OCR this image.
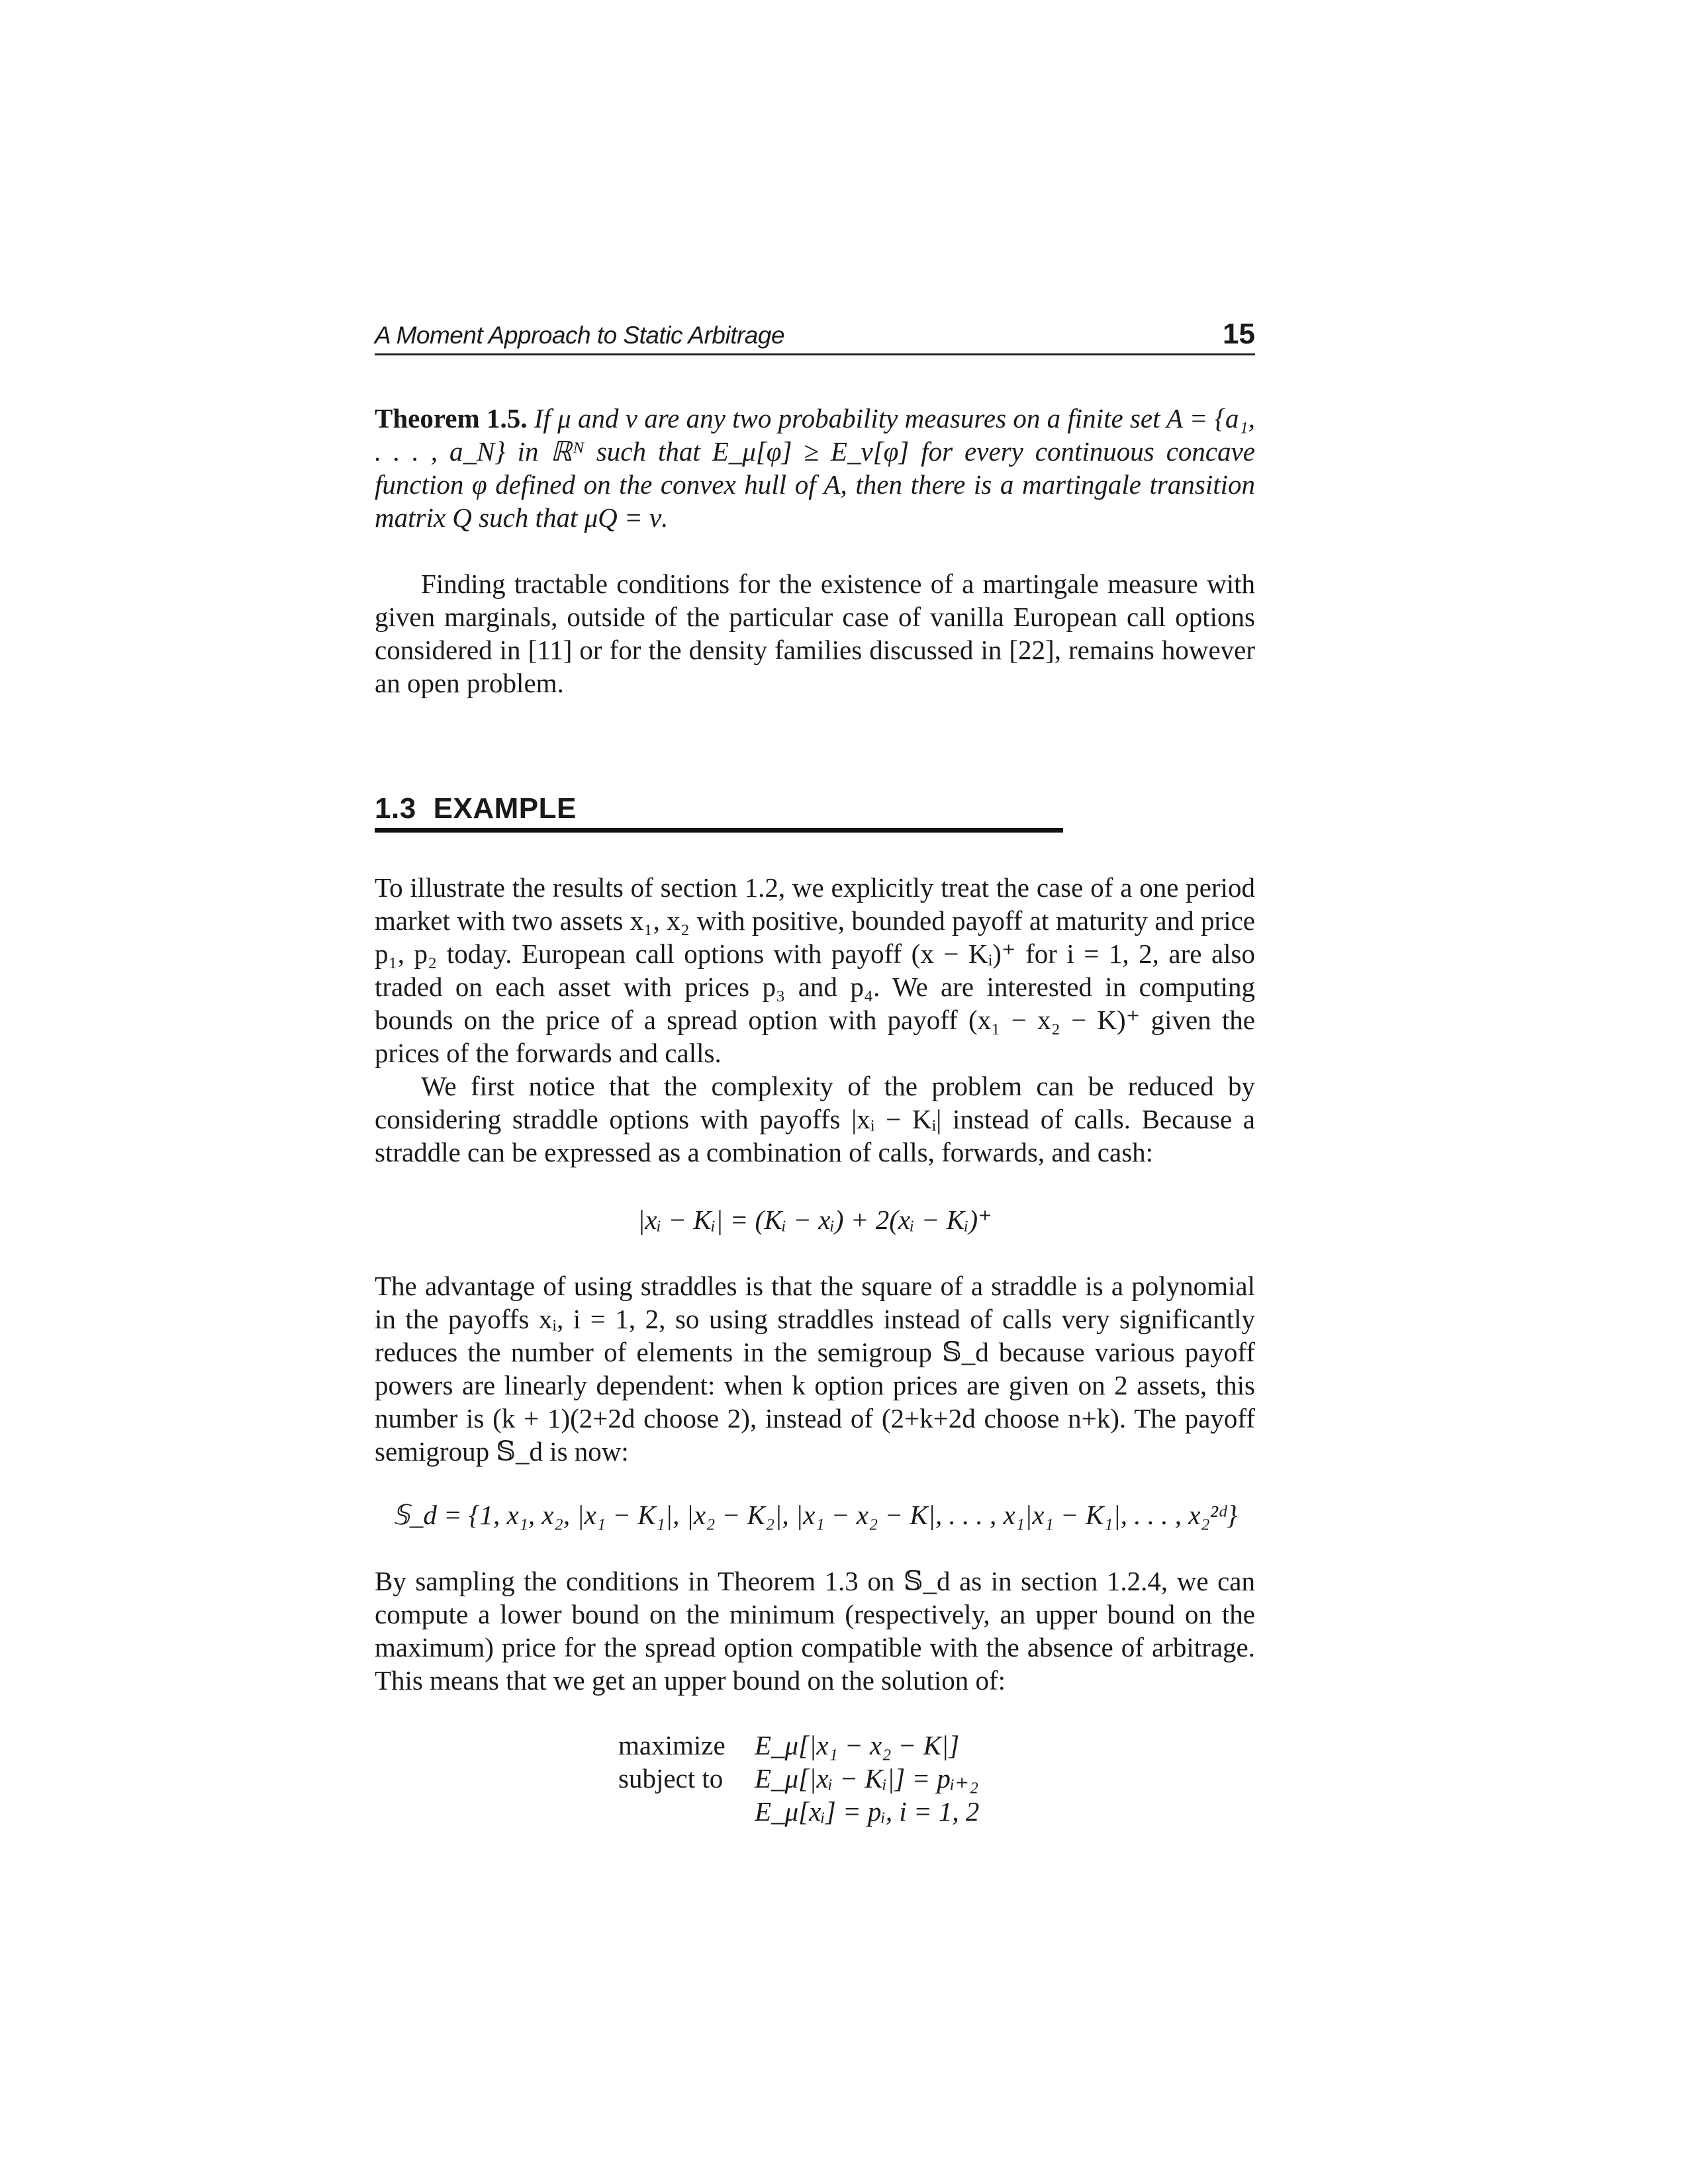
A Moment Approach to Static Arbitrage	15

Theorem 1.5. If μ and ν are any two probability measures on a finite set A = {a₁, . . . , a_N} in ℝᴺ such that E_μ[φ] ≥ E_ν[φ] for every continuous concave function φ defined on the convex hull of A, then there is a martingale transition matrix Q such that μQ = ν.

Finding tractable conditions for the existence of a martingale measure with given marginals, outside of the particular case of vanilla European call options considered in [11] or for the density families discussed in [22], remains however an open problem.

1.3 EXAMPLE

To illustrate the results of section 1.2, we explicitly treat the case of a one period market with two assets x₁, x₂ with positive, bounded payoff at maturity and price p₁, p₂ today. European call options with payoff (x − Kᵢ)⁺ for i = 1, 2, are also traded on each asset with prices p₃ and p₄. We are interested in computing bounds on the price of a spread option with payoff (x₁ − x₂ − K)⁺ given the prices of the forwards and calls.

We first notice that the complexity of the problem can be reduced by considering straddle options with payoffs |xᵢ − Kᵢ| instead of calls. Because a straddle can be expressed as a combination of calls, forwards, and cash:

|xᵢ − Kᵢ| = (Kᵢ − xᵢ) + 2(xᵢ − Kᵢ)⁺

The advantage of using straddles is that the square of a straddle is a polynomial in the payoffs xᵢ, i = 1, 2, so using straddles instead of calls very significantly reduces the number of elements in the semigroup 𝕊_d because various payoff powers are linearly dependent: when k option prices are given on 2 assets, this number is (k + 1)(2+2d choose 2), instead of (2+k+2d choose n+k). The payoff semigroup 𝕊_d is now:

𝕊_d = {1, x₁, x₂, |x₁ − K₁|, |x₂ − K₂|, |x₁ − x₂ − K|, . . . , x₁|x₁ − K₁|, . . . , x₂²ᵈ}

By sampling the conditions in Theorem 1.3 on 𝕊_d as in section 1.2.4, we can compute a lower bound on the minimum (respectively, an upper bound on the maximum) price for the spread option compatible with the absence of arbitrage. This means that we get an upper bound on the solution of:

maximize	E_μ[|x₁ − x₂ − K|]
subject to	E_μ[|xᵢ − Kᵢ|] = pᵢ₊₂
E_μ[xᵢ] = pᵢ, i = 1, 2
